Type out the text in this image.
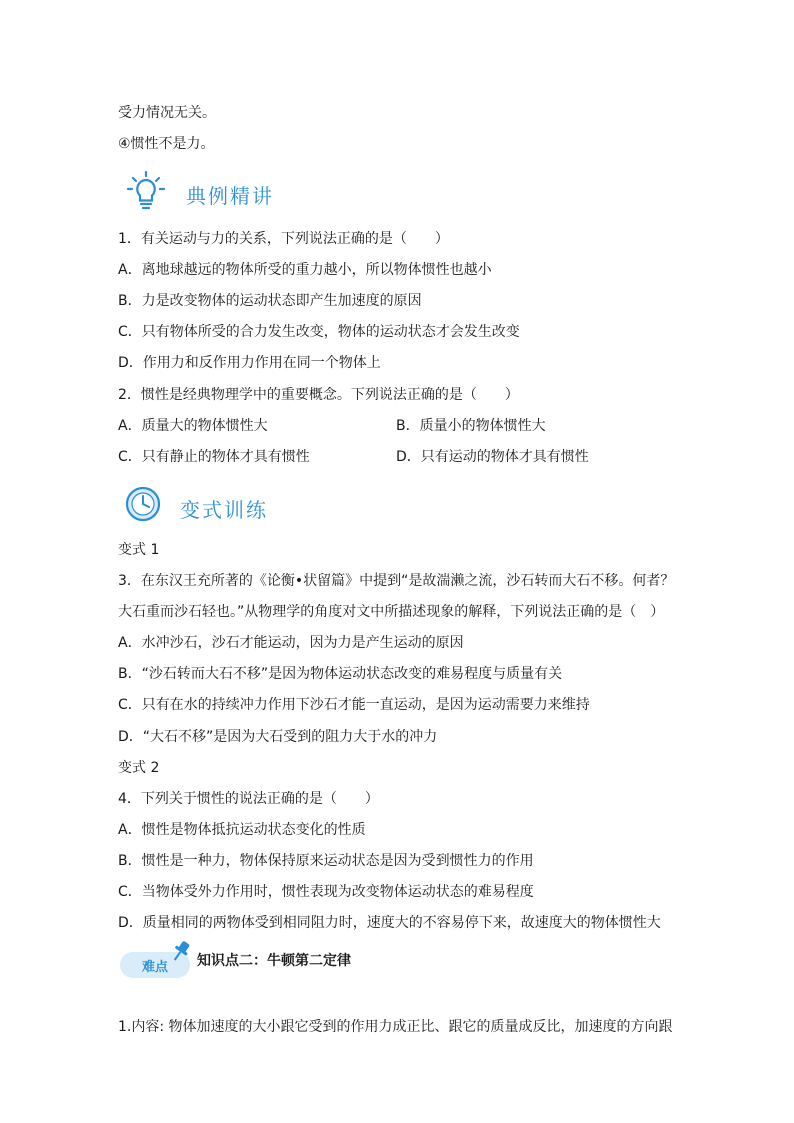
受力情况无关。
④惯性不是力。
典例精讲
1．有关运动与力的关系，下列说法正确的是（　　）
A．离地球越远的物体所受的重力越小，所以物体惯性也越小
B．力是改变物体的运动状态即产生加速度的原因
C．只有物体所受的合力发生改变，物体的运动状态才会发生改变
D．作用力和反作用力作用在同一个物体上
2．惯性是经典物理学中的重要概念。下列说法正确的是（　　）
A．质量大的物体惯性大	B．质量小的物体惯性大
C．只有静止的物体才具有惯性	D．只有运动的物体才具有惯性
变式训练
变式 1
3．在东汉王充所著的《论衡•状留篇》中提到“是故湍濑之流，沙石转而大石不移。何者？
大石重而沙石轻也。”从物理学的角度对文中所描述现象的解释，下列说法正确的是（　）
A．水冲沙石，沙石才能运动，因为力是产生运动的原因
B．“沙石转而大石不移”是因为物体运动状态改变的难易程度与质量有关
C．只有在水的持续冲力作用下沙石才能一直运动，是因为运动需要力来维持
D．“大石不移”是因为大石受到的阻力大于水的冲力
变式 2
4．下列关于惯性的说法正确的是（　　）
A．惯性是物体抵抗运动状态变化的性质
B．惯性是一种力，物体保持原来运动状态是因为受到惯性力的作用
C．当物体受外力作用时，惯性表现为改变物体运动状态的难易程度
D．质量相同的两物体受到相同阻力时，速度大的不容易停下来，故速度大的物体惯性大
难点 知识点二：牛顿第二定律
1.内容: 物体加速度的大小跟它受到的作用力成正比、跟它的质量成反比，加速度的方向跟
